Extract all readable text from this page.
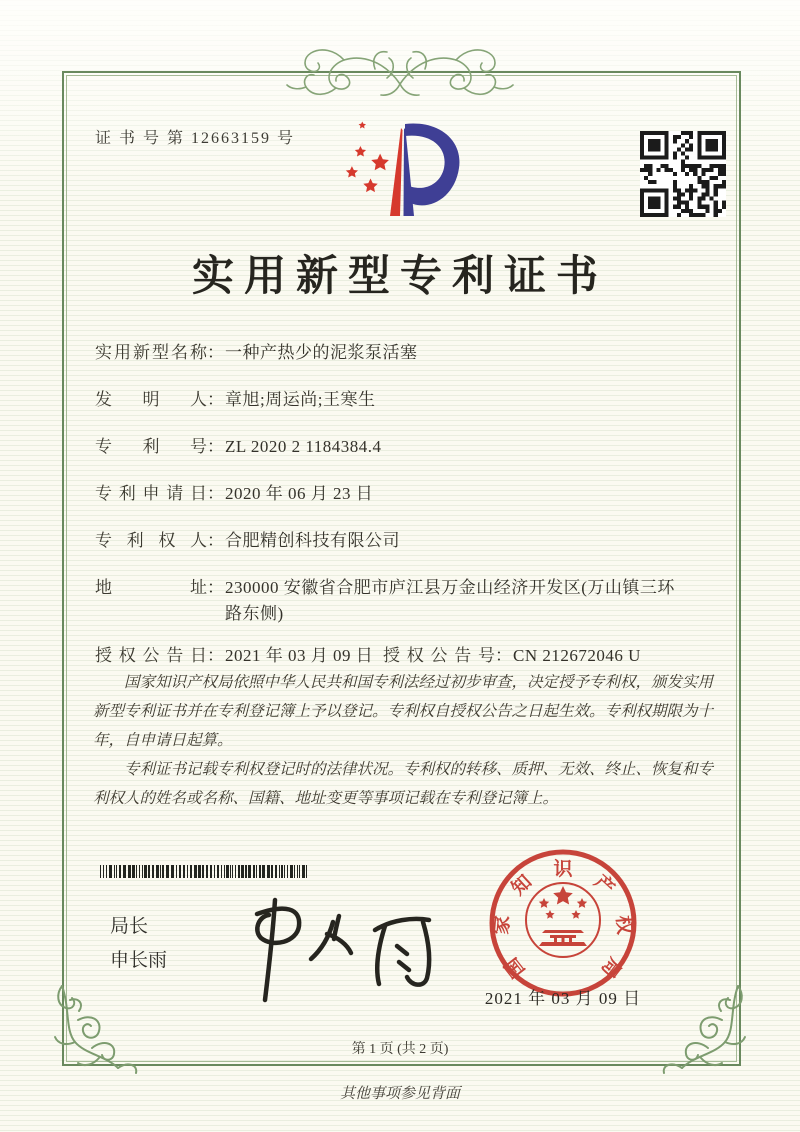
证 书 号 第 12663159 号
实用新型专利证书
实用新型名称：一种产热少的泥浆泵活塞
发明人：章旭;周运尚;王寒生
专利号：ZL 2020 2 1184384.4
专利申请日：2020 年 06 月 23 日
专利权人：合肥精创科技有限公司
地址：230000 安徽省合肥市庐江县万金山经济开发区(万山镇三环路东侧)
授权公告日：2021 年 03 月 09 日 授权公告号：CN 212672046 U

国家知识产权局依照中华人民共和国专利法经过初步审查，决定授予专利权，颁发实用新型专利证书并在专利登记簿上予以登记。专利权自授权公告之日起生效。专利权期限为十年，自申请日起算。

专利证书记载专利权登记时的法律状况。专利权的转移、质押、无效、终止、恢复和专利权人的姓名或名称、国籍、地址变更等事项记载在专利登记簿上。

局长
申长雨	国
家
知
识
产
权
局
2021 年 03 月 09 日
第 1 页 (共 2 页)
其他事项参见背面
